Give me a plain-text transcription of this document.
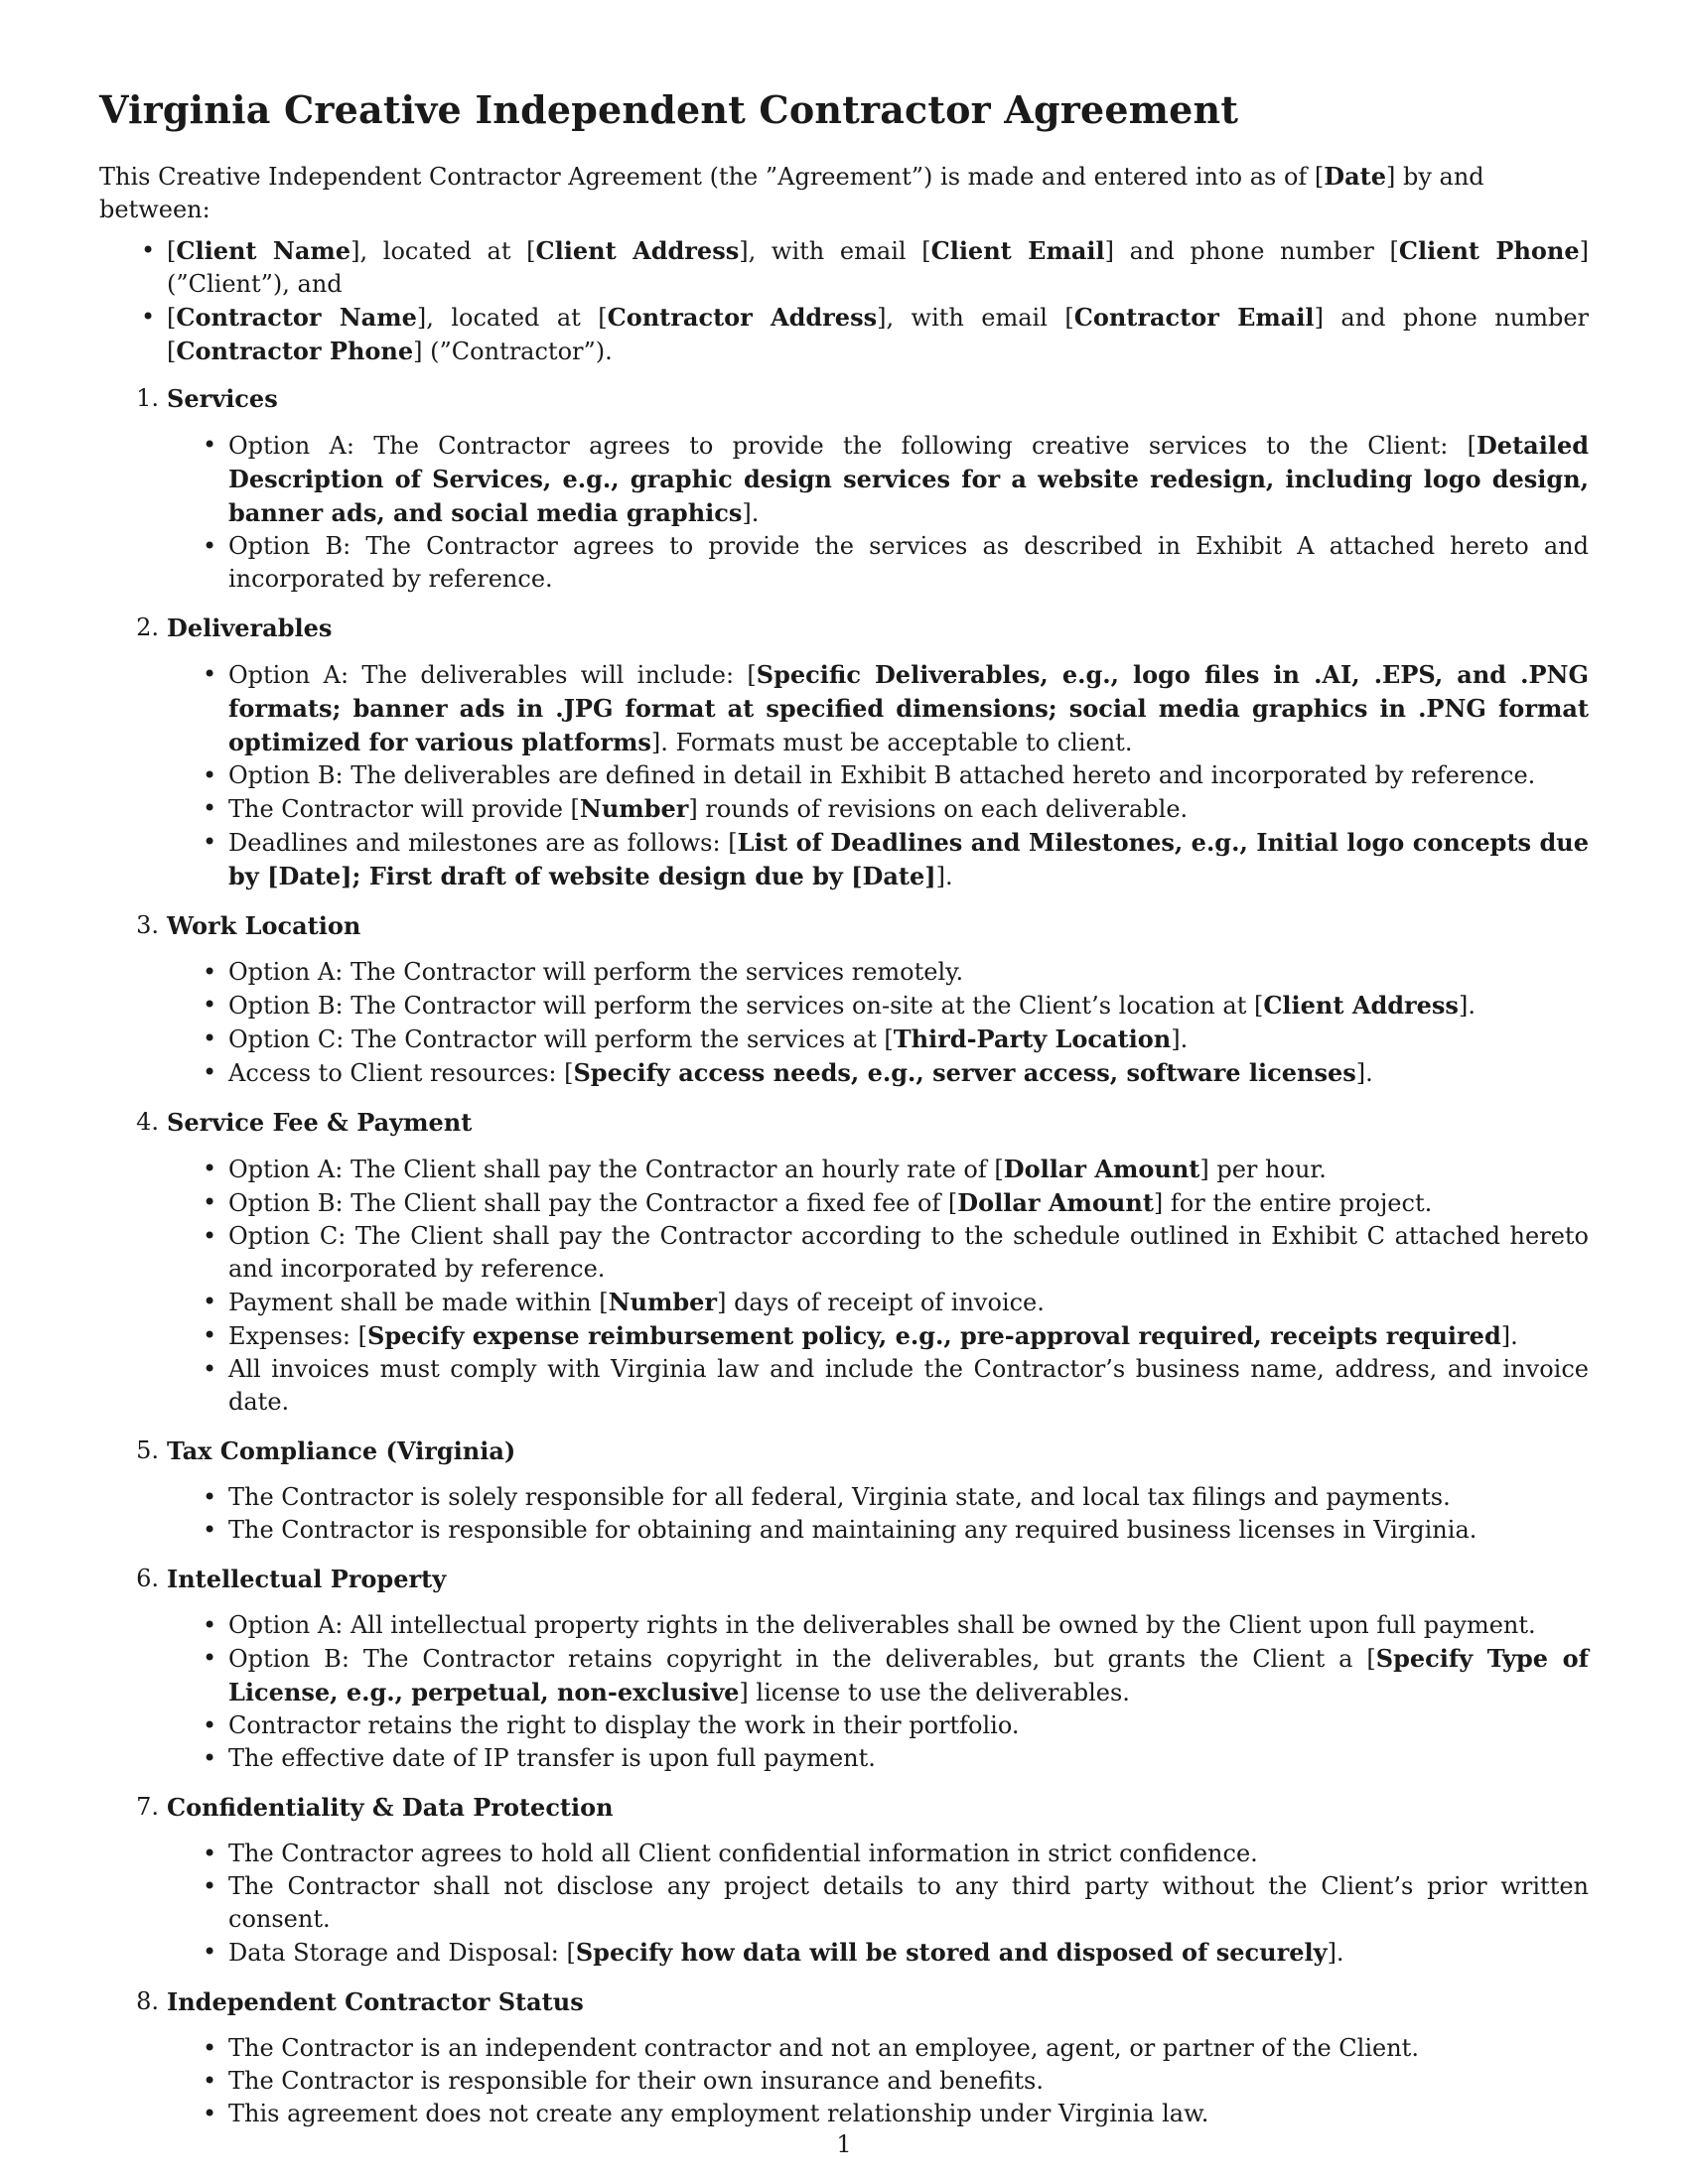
Virginia Creative Independent Contractor Agreement

This Creative Independent Contractor Agreement (the ”Agreement”) is made and entered into as of [Date] by and between:

• [Client Name], located at [Client Address], with email [Client Email] and phone number [Client Phone] (”Client”), and
• [Contractor Name], located at [Contractor Address], with email [Contractor Email] and phone number [Contractor Phone] (”Contractor”).
1. Services
• Option A: The Contractor agrees to provide the following creative services to the Client: [Detailed Description of Services, e.g., graphic design services for a website redesign, including logo design, banner ads, and social media graphics].
• Option B: The Contractor agrees to provide the services as described in Exhibit A attached hereto and incorporated by reference.
2. Deliverables
• Option A: The deliverables will include: [Specific Deliverables, e.g., logo files in .AI, .EPS, and .PNG formats; banner ads in .JPG format at specified dimensions; social media graphics in .PNG format optimized for various platforms]. Formats must be acceptable to client.
• Option B: The deliverables are defined in detail in Exhibit B attached hereto and incorporated by reference.
• The Contractor will provide [Number] rounds of revisions on each deliverable.
• Deadlines and milestones are as follows: [List of Deadlines and Milestones, e.g., Initial logo concepts due by [Date]; First draft of website design due by [Date]].
3. Work Location
• Option A: The Contractor will perform the services remotely.
• Option B: The Contractor will perform the services on-site at the Client’s location at [Client Address].
• Option C: The Contractor will perform the services at [Third-Party Location].
• Access to Client resources: [Specify access needs, e.g., server access, software licenses].
4. Service Fee & Payment
• Option A: The Client shall pay the Contractor an hourly rate of [Dollar Amount] per hour.
• Option B: The Client shall pay the Contractor a fixed fee of [Dollar Amount] for the entire project.
• Option C: The Client shall pay the Contractor according to the schedule outlined in Exhibit C attached hereto and incorporated by reference.
• Payment shall be made within [Number] days of receipt of invoice.
• Expenses: [Specify expense reimbursement policy, e.g., pre-approval required, receipts required].
• All invoices must comply with Virginia law and include the Contractor’s business name, address, and invoice date.
5. Tax Compliance (Virginia)
• The Contractor is solely responsible for all federal, Virginia state, and local tax filings and payments.
• The Contractor is responsible for obtaining and maintaining any required business licenses in Virginia.
6. Intellectual Property
• Option A: All intellectual property rights in the deliverables shall be owned by the Client upon full payment.
• Option B: The Contractor retains copyright in the deliverables, but grants the Client a [Specify Type of License, e.g., perpetual, non-exclusive] license to use the deliverables.
• Contractor retains the right to display the work in their portfolio.
• The effective date of IP transfer is upon full payment.
7. Confidentiality & Data Protection
• The Contractor agrees to hold all Client confidential information in strict confidence.
• The Contractor shall not disclose any project details to any third party without the Client’s prior written consent.
• Data Storage and Disposal: [Specify how data will be stored and disposed of securely].
8. Independent Contractor Status
• The Contractor is an independent contractor and not an employee, agent, or partner of the Client.
• The Contractor is responsible for their own insurance and benefits.
• This agreement does not create any employment relationship under Virginia law.
1
